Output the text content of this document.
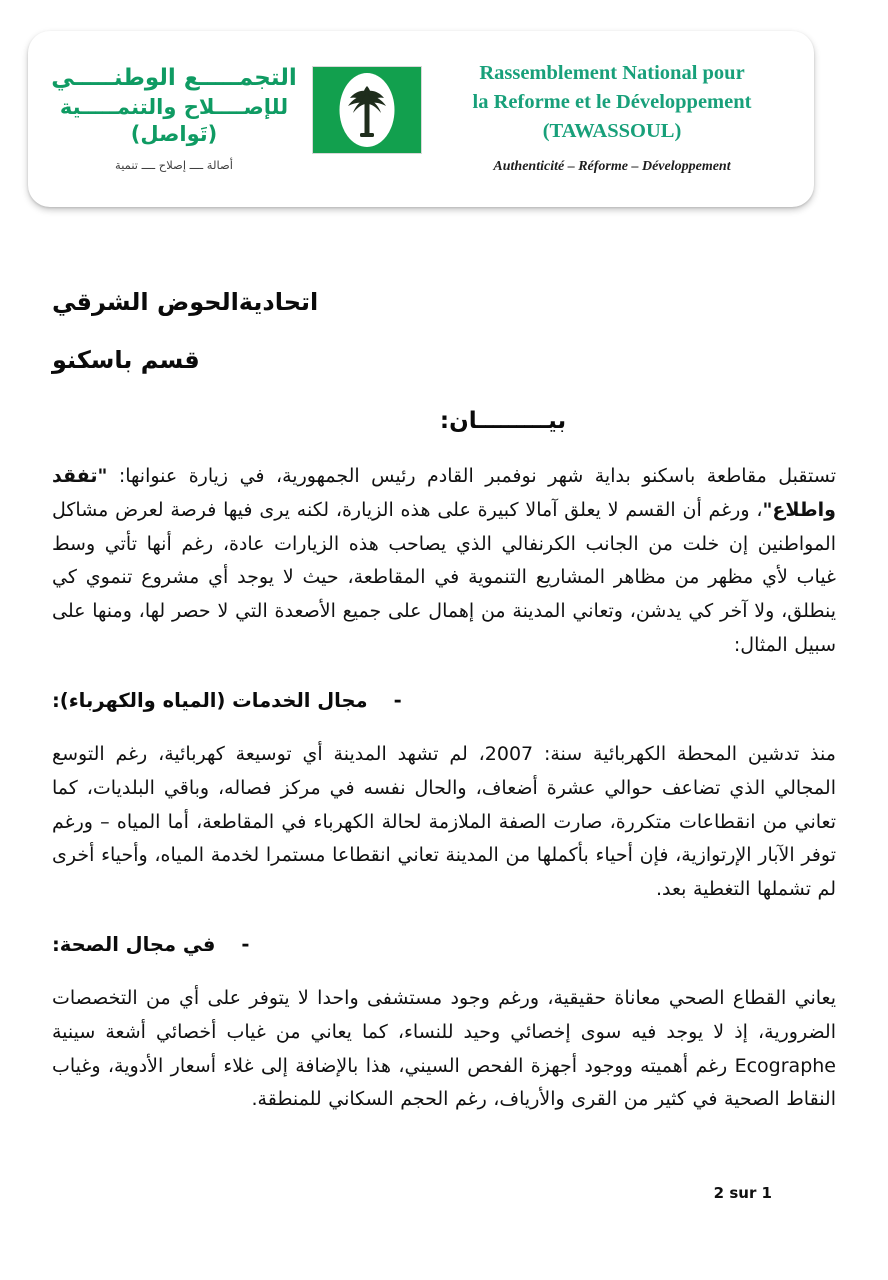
التجمـــــع الوطنـــــي
للإصــــلاح والتنمـــــية
(تَواصل)
أصالة ــــ إصلاح ــــ تنمية
Rassemblement National pour
la Reforme et le Développement
(TAWASSOUL)
Authenticité – Réforme – Développement
اتحاديةالحوض الشرقي
قسم باسكنو
بيـــــــــان:

تستقبل مقاطعة باسكنو بداية شهر نوفمبر القادم رئيس الجمهورية، في زيارة عنوانها: "تفقد واطلاع"، ورغم أن القسم لا يعلق آمالا كبيرة على هذه الزيارة، لكنه يرى فيها فرصة لعرض مشاكل المواطنين إن خلت من الجانب الكرنفالي الذي يصاحب هذه الزيارات عادة، رغم أنها تأتي وسط غياب لأي مظهر من مظاهر المشاريع التنموية في المقاطعة، حيث لا يوجد أي مشروع تنموي كي ينطلق، ولا آخر كي يدشن، وتعاني المدينة من إهمال على جميع الأصعدة التي لا حصر لها، ومنها على سبيل المثال:

-مجال الخدمات (المياه والكهرباء):

منذ تدشين المحطة الكهربائية سنة: 2007، لم تشهد المدينة أي توسيعة كهربائية، رغم التوسع المجالي الذي تضاعف حوالي عشرة أضعاف، والحال نفسه في مركز فصاله، وباقي البلديات، كما تعاني من انقطاعات متكررة، صارت الصفة الملازمة لحالة الكهرباء في المقاطعة، أما المياه – ورغم توفر الآبار الإرتوازية، فإن أحياء بأكملها من المدينة تعاني انقطاعا مستمرا لخدمة المياه، وأحياء أخرى لم تشملها التغطية بعد.

-في مجال الصحة:

يعاني القطاع الصحي معاناة حقيقية، ورغم وجود مستشفى واحدا لا يتوفر على أي من التخصصات الضرورية، إذ لا يوجد فيه سوى إخصائي وحيد للنساء، كما يعاني من غياب أخصائي أشعة سينية Ecographe رغم أهميته ووجود أجهزة الفحص السيني، هذا بالإضافة إلى غلاء أسعار الأدوية، وغياب النقاط الصحية في كثير من القرى والأرياف، رغم الحجم السكاني للمنطقة.

2 sur 1
